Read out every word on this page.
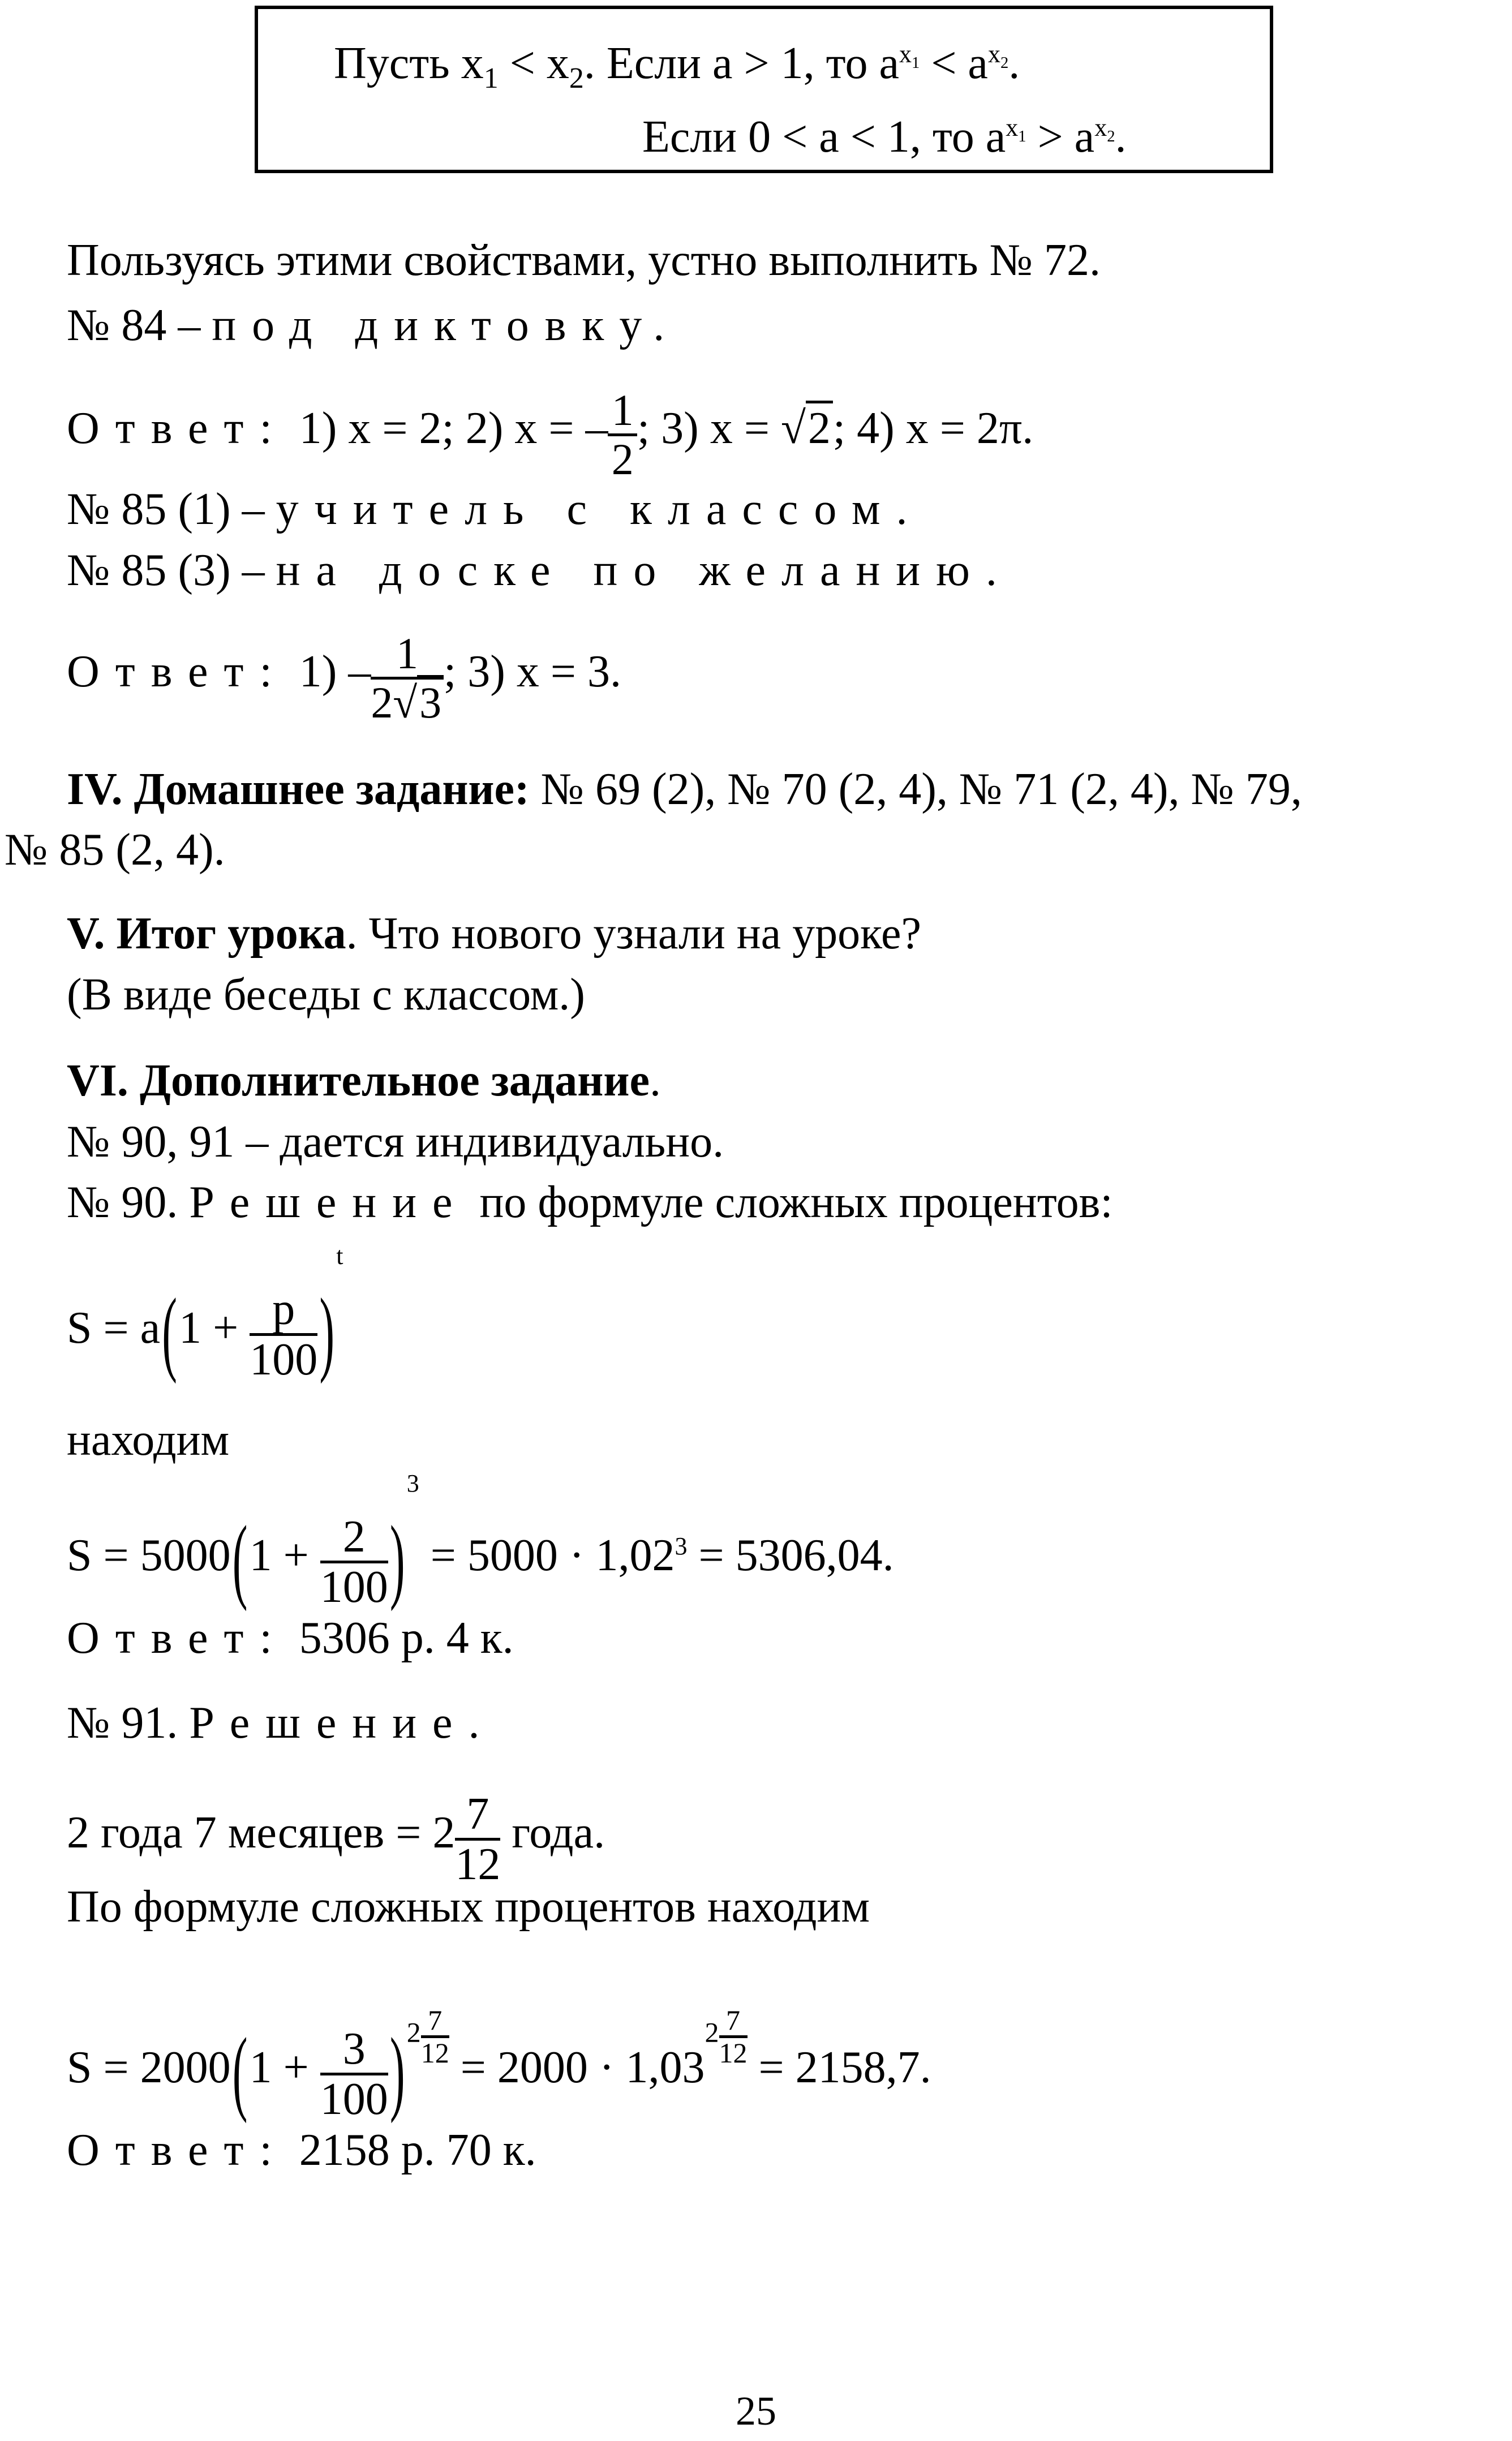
Пусть $x_1 < x_2$. Если a > 1, то $a^{x_1} < a^{x_2}$.
Если 0 < a < 1, то $a^{x_1} > a^{x_2}$.
Пользуясь этими свойствами, устно выполнить № 72.
№ 84 – под диктовку.
Ответ: 1) x = 2; 2) x = – $\frac{1}{2}$ ; 3) x = √2; 4) x = 2π.
№ 85 (1) – учитель с классом.
№ 85 (3) – на доске по желанию.
Ответ: $1) - \frac{1}{2√3}$ ; 3) x = 3.
IV. Домашнее задание: № 69 (2), № 70 (2, 4), № 71 (2, 4), № 79,
№ 85 (2, 4).
V. Итог урока. Что нового узнали на уроке?
(В виде беседы с классом.)
VI. Дополнительное задание.
№ 90, 91 – дается индивидуально.
№ 90. Решение по формуле сложных процентов:
$S = a(1 + \frac{p}{100} )^t$
находим
$S = 5000(1 + \frac{2}{100} )^3 = 5000 \cdot 1,02^3 = 5306,04$.
Ответ: 5306 р. 4 к.
№ 91. Решение.
2 года 7 месяцев = $2 \frac{7}{12}$ года.
По формуле сложных процентов находим
$S = 2000(1 + \frac{3}{100} )2 \frac{7}{12} = 2000 \cdot 1,032 \frac{7}{12} = 2158,7$.
Ответ: 2158 р. 70 к.
25
